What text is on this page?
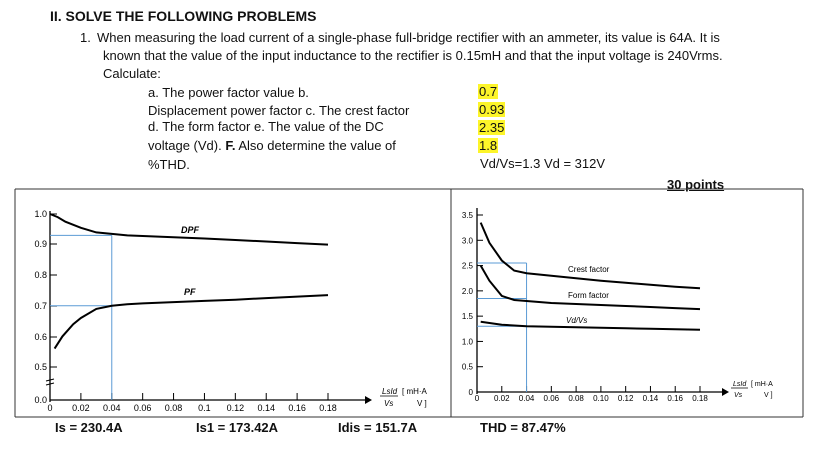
II. SOLVE THE FOLLOWING PROBLEMS
1. When measuring the load current of a single-phase full-bridge rectifier with an ammeter, its value is 64A. It is
known that the value of the input inductance to the rectifier is 0.15mH and that the input voltage is 240Vrms.
Calculate:
a. The power factor value b.
Displacement power factor c. The crest factor
d. The form factor e. The value of the DC
voltage (Vd). F. Also determine the value of
%THD.
0.7
0.93
2.35
1.8
Vd/Vs=1.3 Vd = 312V
30 points
0.0
0.5
0.6
0.7
0.8
0.9
1.0
0 0.02 0.04 0.06 0.08 0.1 0.12 0.14 0.16 0.18
DPF
PF
LsId
Vs
[ mH·A
V ]
0
0.5
1.0
1.5
2.0
2.5
3.0
3.5
0 0.02 0.04 0.06 0.08 0.10 0.12 0.14 0.16 0.18
Crest factor
Form factor
Vd/Vs
LsId
Vs
[ mH·A
V ]
Is = 230.4A	Is1 = 173.42A	Idis = 151.7A	THD = 87.47%
